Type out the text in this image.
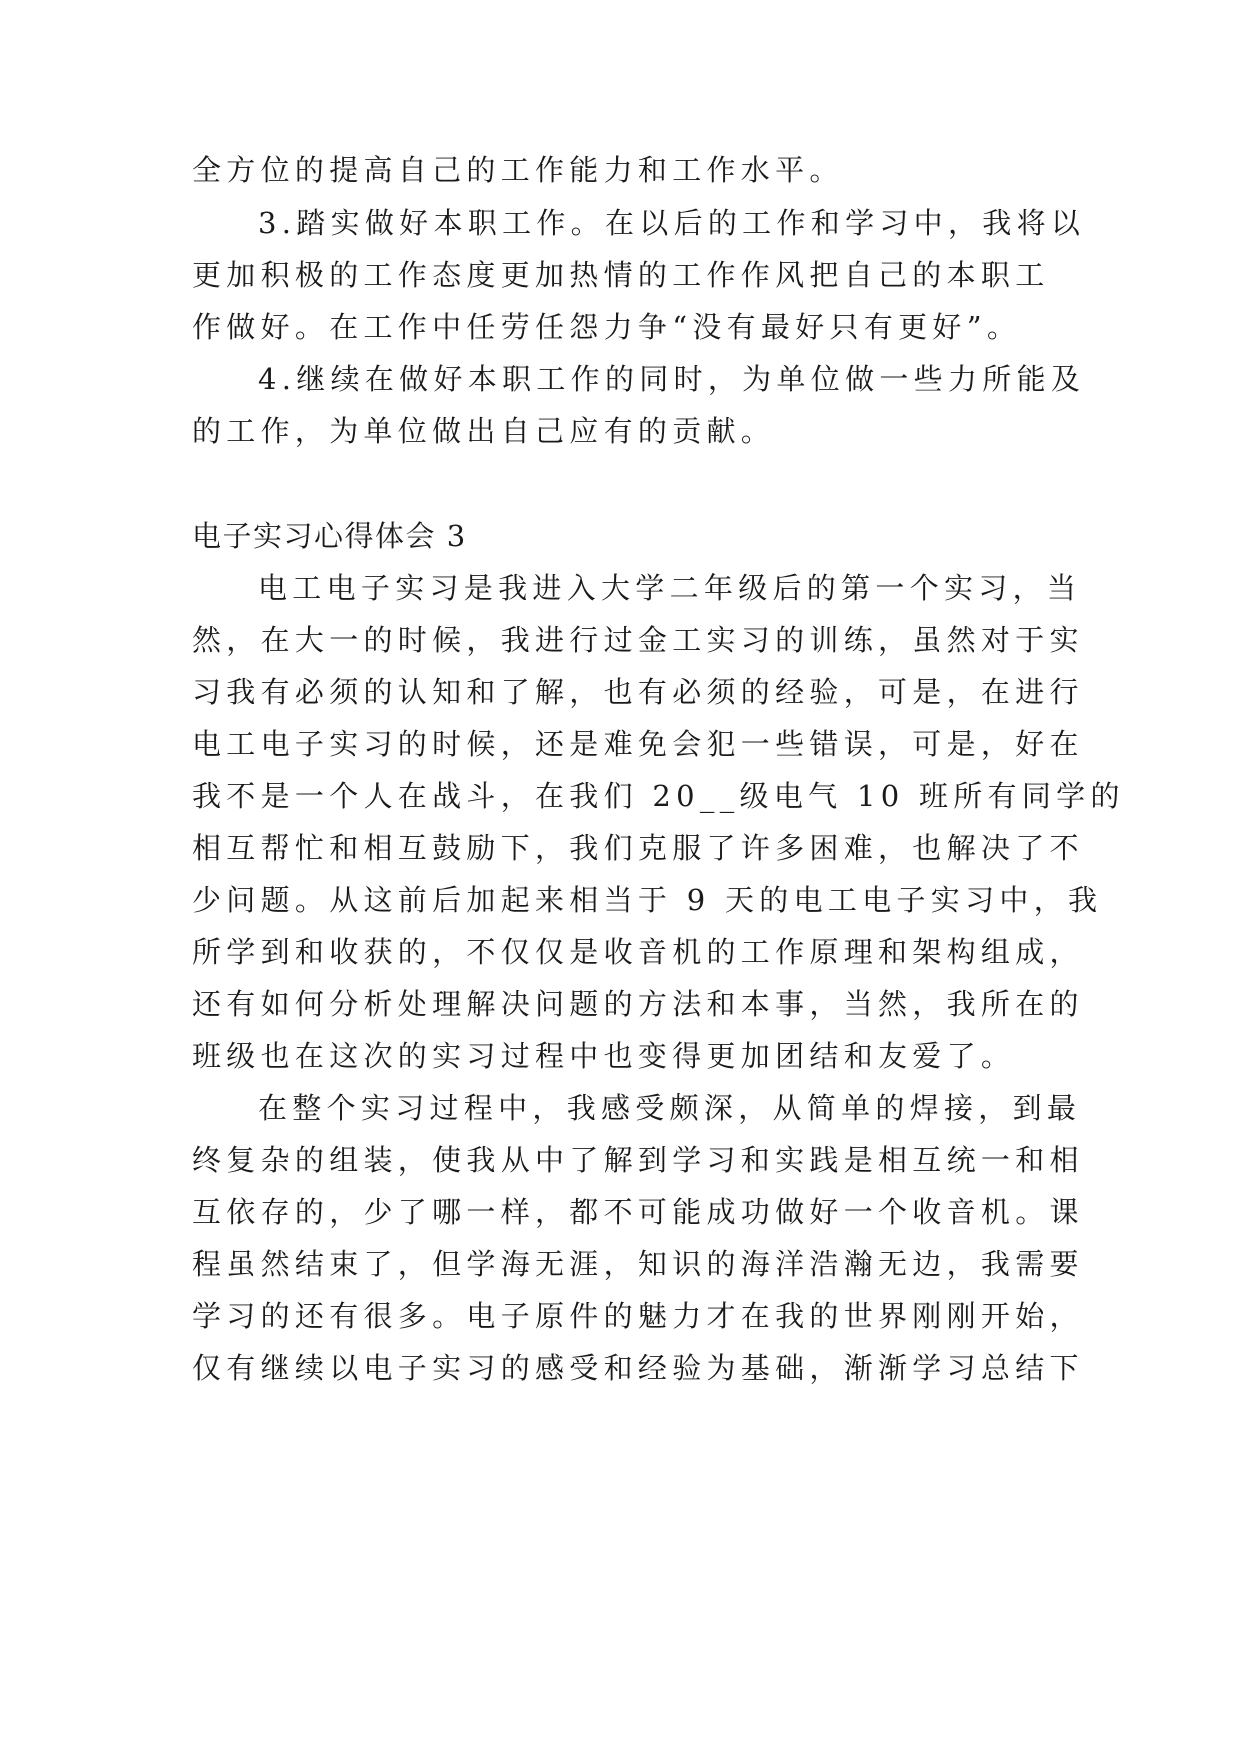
全方位的提高自己的工作能力和工作水平。
3.踏实做好本职工作。在以后的工作和学习中，我将以
更加积极的工作态度更加热情的工作作风把自己的本职工
作做好。在工作中任劳任怨力争“没有最好只有更好”。
4.继续在做好本职工作的同时，为单位做一些力所能及
的工作，为单位做出自己应有的贡献。
电子实习心得体会 3
电工电子实习是我进入大学二年级后的第一个实习，当
然，在大一的时候，我进行过金工实习的训练，虽然对于实
习我有必须的认知和了解，也有必须的经验，可是，在进行
电工电子实习的时候，还是难免会犯一些错误，可是，好在
我不是一个人在战斗，在我们 20__级电气 10 班所有同学的
相互帮忙和相互鼓励下，我们克服了许多困难，也解决了不
少问题。从这前后加起来相当于 9 天的电工电子实习中，我
所学到和收获的，不仅仅是收音机的工作原理和架构组成，
还有如何分析处理解决问题的方法和本事，当然，我所在的
班级也在这次的实习过程中也变得更加团结和友爱了。
在整个实习过程中，我感受颇深，从简单的焊接，到最
终复杂的组装，使我从中了解到学习和实践是相互统一和相
互依存的，少了哪一样，都不可能成功做好一个收音机。课
程虽然结束了，但学海无涯，知识的海洋浩瀚无边，我需要
学习的还有很多。电子原件的魅力才在我的世界刚刚开始，
仅有继续以电子实习的感受和经验为基础，渐渐学习总结下
